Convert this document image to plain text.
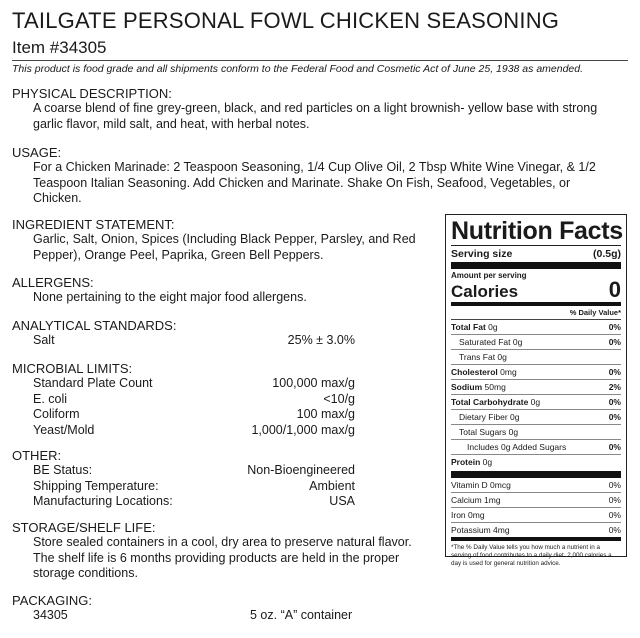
TAILGATE PERSONAL FOWL CHICKEN SEASONING
Item #34305
This product is food grade and all shipments conform to the Federal Food and Cosmetic Act of June 25, 1938 as amended.
PHYSICAL DESCRIPTION:
A coarse blend of fine grey-green, black, and red particles on a light brownish- yellow base with strong
garlic flavor, mild salt, and heat, with herbal notes.
USAGE:
For a Chicken Marinade: 2 Teaspoon Seasoning, 1/4 Cup Olive Oil, 2 Tbsp White Wine Vinegar, & 1/2
Teaspoon Italian Seasoning. Add Chicken and Marinate. Shake On Fish, Seafood, Vegetables, or
Chicken.
INGREDIENT STATEMENT:
Garlic, Salt, Onion, Spices (Including Black Pepper, Parsley, and Red
Pepper), Orange Peel, Paprika, Green Bell Peppers.
ALLERGENS:
None pertaining to the eight major food allergens.
ANALYTICAL STANDARDS:
Salt	25% ± 3.0%
MICROBIAL LIMITS:
Standard Plate Count	100,000 max/g
E. coli	<10/g
Coliform	100 max/g
Yeast/Mold	1,000/1,000 max/g
OTHER:
BE Status:	Non-Bioengineered
Shipping Temperature:	Ambient
Manufacturing Locations:	USA
STORAGE/SHELF LIFE:
Store sealed containers in a cool, dry area to preserve natural flavor.
The shelf life is 6 months providing products are held in the proper
storage conditions.
PACKAGING:
34305	5 oz. “A” container
Nutrition Facts
Serving size	(0.5g)
Amount per serving
Calories	0
% Daily Value*
Total Fat 0g	0%
Saturated Fat 0g	0%
Trans Fat 0g
Cholesterol 0mg	0%
Sodium 50mg	2%
Total Carbohydrate 0g	0%
Dietary Fiber 0g	0%
Total Sugars 0g
Includes 0g Added Sugars	0%
Protein 0g
Vitamin D 0mcg	0%
Calcium 1mg	0%
Iron 0mg	0%
Potassium 4mg	0%
*The % Daily Value tells you how much a nutrient in a serving of food contributes to a daily diet. 2,000 calories a day is used for general nutrition advice.
